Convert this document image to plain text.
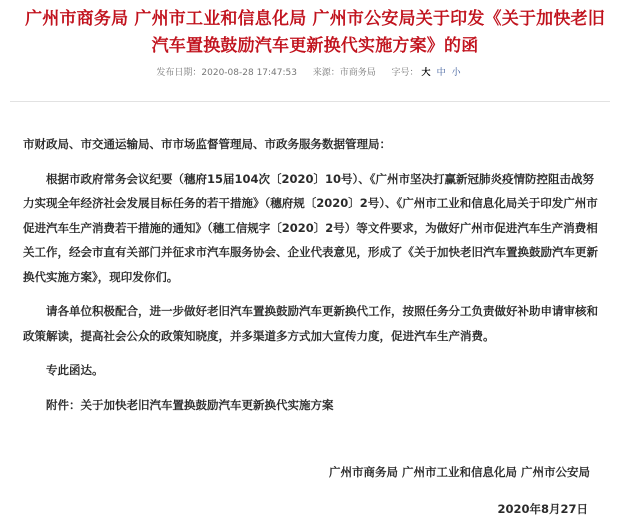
广州市商务局 广州市工业和信息化局 广州市公安局关于印发《关于加快老旧汽车置换鼓励汽车更新换代实施方案》的函
发布日期：2020-08-28 17:47:53 来源：市商务局 字号： 大 中 小

市财政局、市交通运输局、市市场监督管理局、市政务服务数据管理局：

根据市政府常务会议纪要（穗府15届104次〔2020〕10号）、《广州市坚决打赢新冠肺炎疫情防控阻击战努力实现全年经济社会发展目标任务的若干措施》（穗府规〔2020〕2号）、《广州市工业和信息化局关于印发广州市促进汽车生产消费若干措施的通知》（穗工信规字〔2020〕2号）等文件要求，为做好广州市促进汽车生产消费相关工作，经会市直有关部门并征求市汽车服务协会、企业代表意见，形成了《关于加快老旧汽车置换鼓励汽车更新换代实施方案》，现印发你们。

请各单位积极配合，进一步做好老旧汽车置换鼓励汽车更新换代工作，按照任务分工负责做好补助申请审核和政策解读，提高社会公众的政策知晓度，并多渠道多方式加大宣传力度，促进汽车生产消费。

专此函达。

附件：关于加快老旧汽车置换鼓励汽车更新换代实施方案

广州市商务局 广州市工业和信息化局 广州市公安局
2020年8月27日
